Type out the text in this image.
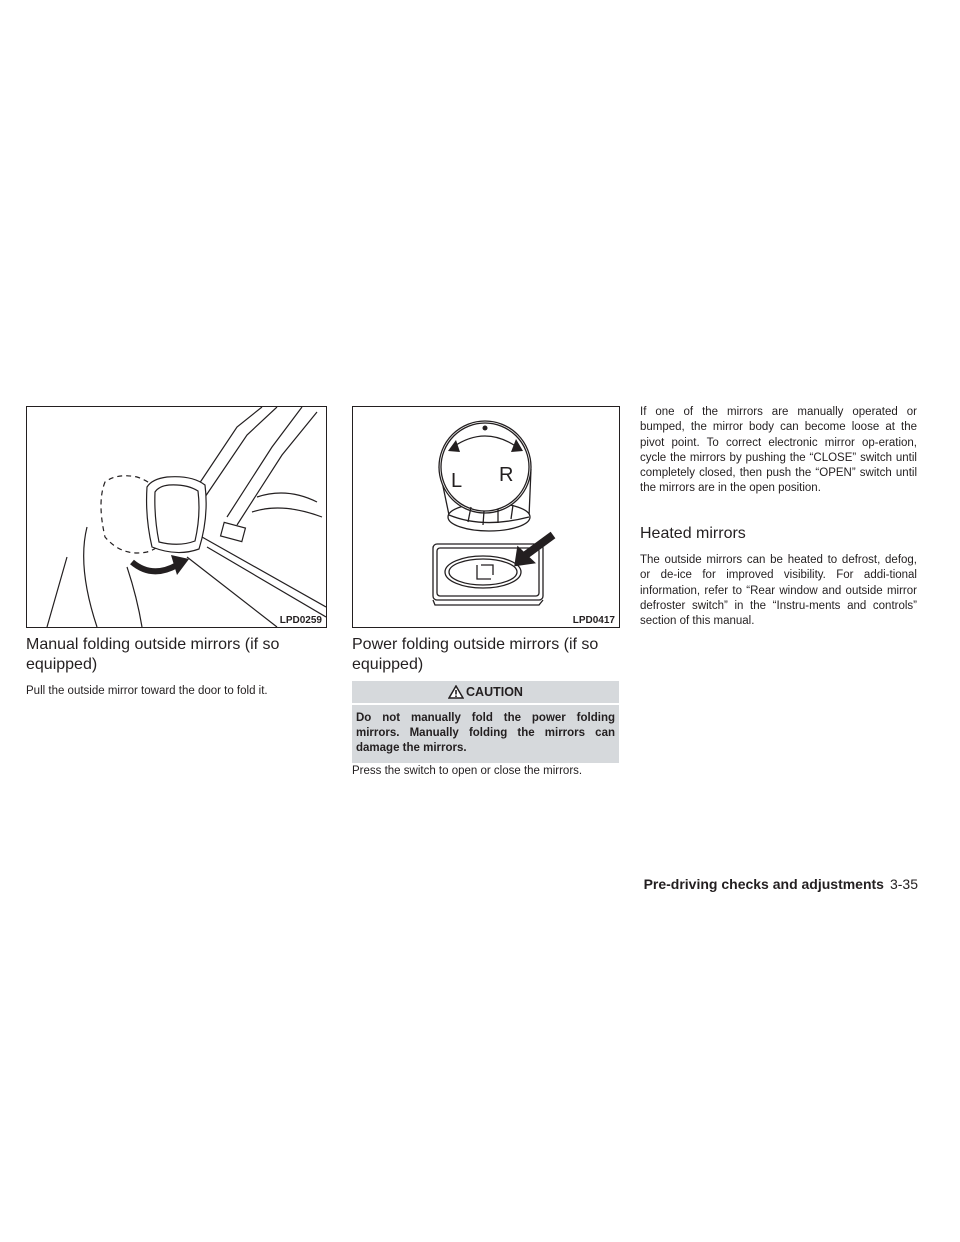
LPD0259
L R
LPD0417
Manual folding outside mirrors (if so equipped)

Pull the outside mirror toward the door to fold it.

Power folding outside mirrors (if so equipped)
CAUTION
Do not manually fold the power folding mirrors. Manually folding the mirrors can damage the mirrors.

Press the switch to open or close the mirrors.

If one of the mirrors are manually operated or bumped, the mirror body can become loose at the pivot point. To correct electronic mirror op-eration, cycle the mirrors by pushing the “CLOSE” switch until completely closed, then push the “OPEN” switch until the mirrors are in the open position.

Heated mirrors

The outside mirrors can be heated to defrost, defog, or de-ice for improved visibility. For addi-tional information, refer to “Rear window and outside mirror defroster switch” in the “Instru-ments and controls” section of this manual.

Pre-driving checks and adjustments 3-35
